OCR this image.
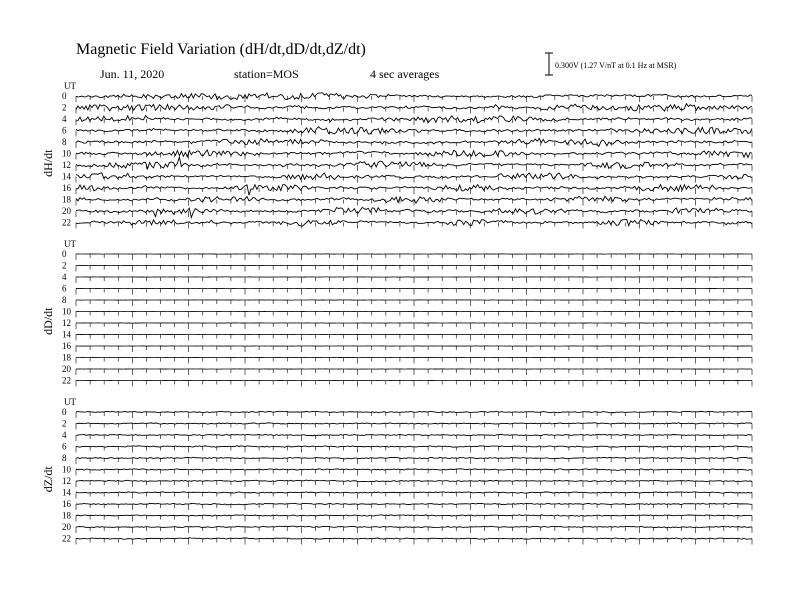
Magnetic Field Variation (dH/dt,dD/dt,dZ/dt)
Jun. 11, 2020	station=MOS	4 sec averages
0.300V (1.27 V/nT at 0.1 Hz at MSR)
UT
dH/dt
0
2
4
6
8
10
12
14
16
18
20
22
UT
dD/dt
0
2
4
6
8
10
12
14
16
18
20
22
UT
dZ/dt
0
2
4
6
8
10
12
14
16
18
20
22
